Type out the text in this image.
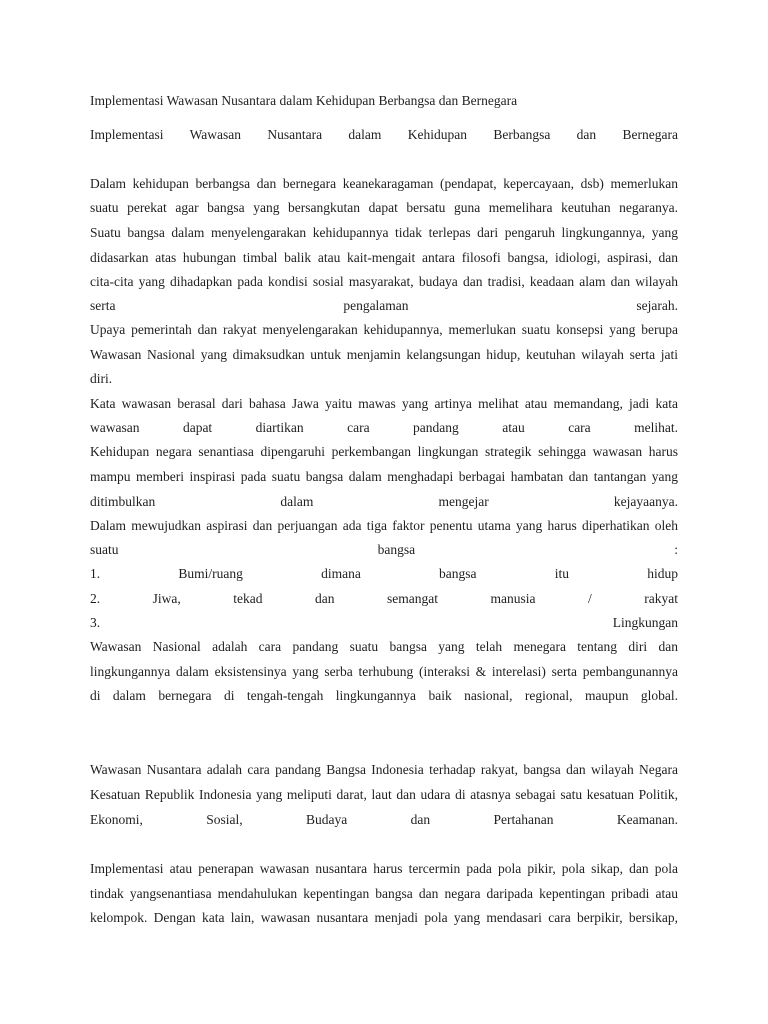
Implementasi Wawasan Nusantara dalam Kehidupan Berbangsa dan Bernegara
Implementasi Wawasan Nusantara dalam Kehidupan Berbangsa dan Bernegara
Dalam kehidupan berbangsa dan bernegara keanekaragaman (pendapat, kepercayaan, dsb) memerlukan
suatu perekat agar bangsa yang bersangkutan dapat bersatu guna memelihara keutuhan negaranya.
Suatu bangsa dalam menyelengarakan kehidupannya tidak terlepas dari pengaruh lingkungannya, yang
didasarkan atas hubungan timbal balik atau kait-mengait antara filosofi bangsa, idiologi, aspirasi, dan
cita-cita yang dihadapkan pada kondisi sosial masyarakat, budaya dan tradisi, keadaan alam dan wilayah
serta pengalaman sejarah.
Upaya pemerintah dan rakyat menyelengarakan kehidupannya, memerlukan suatu konsepsi yang berupa
Wawasan Nasional yang dimaksudkan untuk menjamin kelangsungan hidup, keutuhan wilayah serta jati
diri.
Kata wawasan berasal dari bahasa Jawa yaitu mawas yang artinya melihat atau memandang, jadi kata
wawasan dapat diartikan cara pandang atau cara melihat.
Kehidupan negara senantiasa dipengaruhi perkembangan lingkungan strategik sehingga wawasan harus
mampu memberi inspirasi pada suatu bangsa dalam menghadapi berbagai hambatan dan tantangan yang
ditimbulkan dalam mengejar kejayaanya.
Dalam mewujudkan aspirasi dan perjuangan ada tiga faktor penentu utama yang harus diperhatikan oleh
suatu bangsa :
1. Bumi/ruang dimana bangsa itu hidup
2. Jiwa, tekad dan semangat manusia / rakyat
3. Lingkungan
Wawasan Nasional adalah cara pandang suatu bangsa yang telah menegara tentang diri dan
lingkungannya dalam eksistensinya yang serba terhubung (interaksi & interelasi) serta pembangunannya
di dalam bernegara di tengah-tengah lingkungannya baik nasional, regional, maupun global.
Wawasan Nusantara adalah cara pandang Bangsa Indonesia terhadap rakyat, bangsa dan wilayah Negara
Kesatuan Republik Indonesia yang meliputi darat, laut dan udara di atasnya sebagai satu kesatuan Politik,
Ekonomi, Sosial, Budaya dan Pertahanan Keamanan.
Implementasi atau penerapan wawasan nusantara harus tercermin pada pola pikir, pola sikap, dan pola
tindak yangsenantiasa mendahulukan kepentingan bangsa dan negara daripada kepentingan pribadi atau
kelompok. Dengan kata lain, wawasan nusantara menjadi pola yang mendasari cara berpikir, bersikap,
